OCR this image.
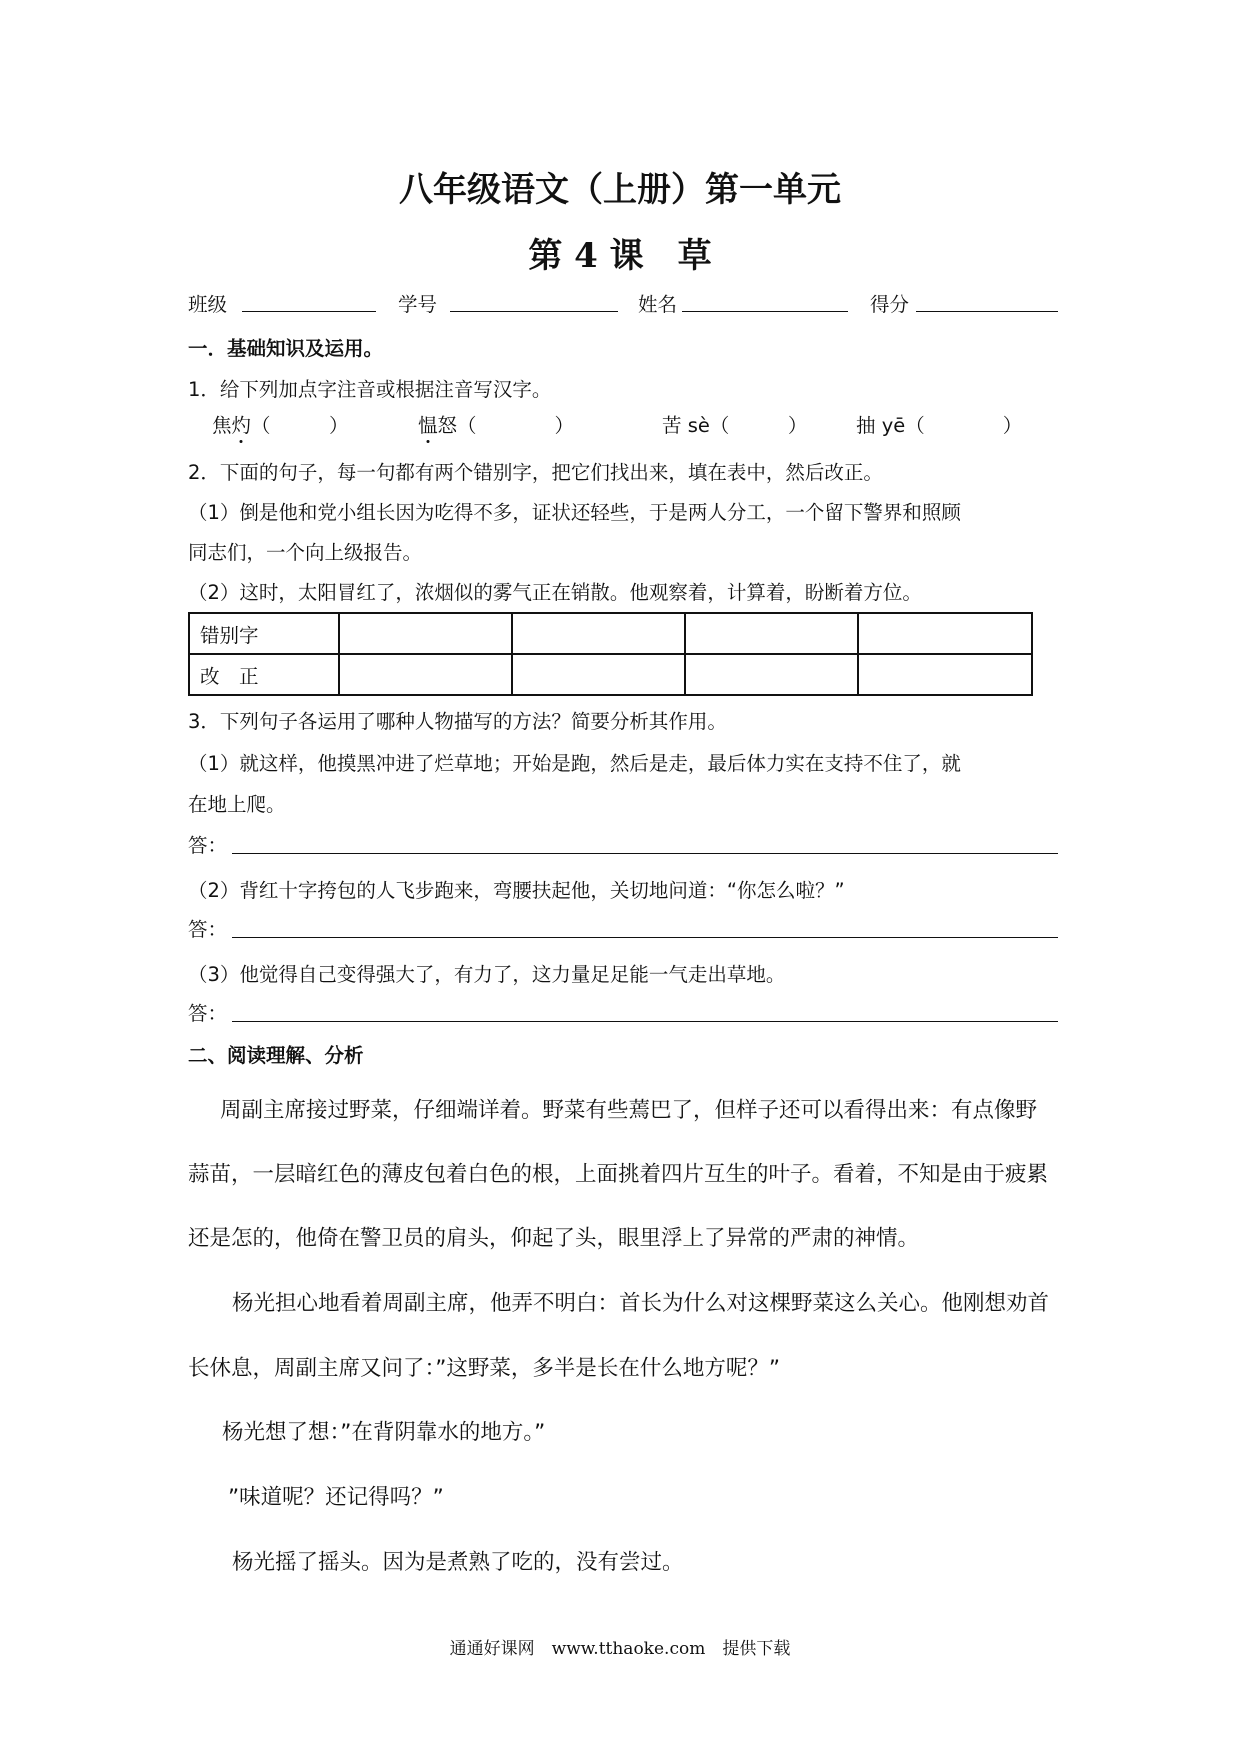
八年级语文（上册）第一单元
第 4 课　草
班级	学号	姓名	得分
一．基础知识及运用。
1．给下列加点字注音或根据注音写汉字。
焦灼（　　　）	愠怒（　　　　）	苦 sè（　　　） 抽 yē（　　　　）
2．下面的句子，每一句都有两个错别字，把它们找出来，填在表中，然后改正。
（1）倒是他和党小组长因为吃得不多，证状还轻些，于是两人分工，一个留下警界和照顾
同志们，一个向上级报告。
（2）这时，太阳冒红了，浓烟似的雾气正在销散。他观察着，计算着，盼断着方位。
错别字				
改　正				
3．下列句子各运用了哪种人物描写的方法？简要分析其作用。
（1）就这样，他摸黑冲进了烂草地；开始是跑，然后是走，最后体力实在支持不住了，就
在地上爬。
答：
（2）背红十字挎包的人飞步跑来，弯腰扶起他，关切地问道：“你怎么啦？”
答：
（3）他觉得自己变得强大了，有力了，这力量足足能一气走出草地。
答：
二、阅读理解、分析
周副主席接过野菜，仔细端详着。野菜有些蔫巴了，但样子还可以看得出来：有点像野
蒜苗，一层暗红色的薄皮包着白色的根，上面挑着四片互生的叶子。看着，不知是由于疲累
还是怎的，他倚在警卫员的肩头，仰起了头，眼里浮上了异常的严肃的神情。
杨光担心地看着周副主席，他弄不明白：首长为什么对这棵野菜这么关心。他刚想劝首
长休息，周副主席又问了：”这野菜，多半是长在什么地方呢？”
杨光想了想：”在背阴靠水的地方。”
”味道呢？还记得吗？”
杨光摇了摇头。因为是煮熟了吃的，没有尝过。
通通好课网　www.tthaoke.com　提供下载
